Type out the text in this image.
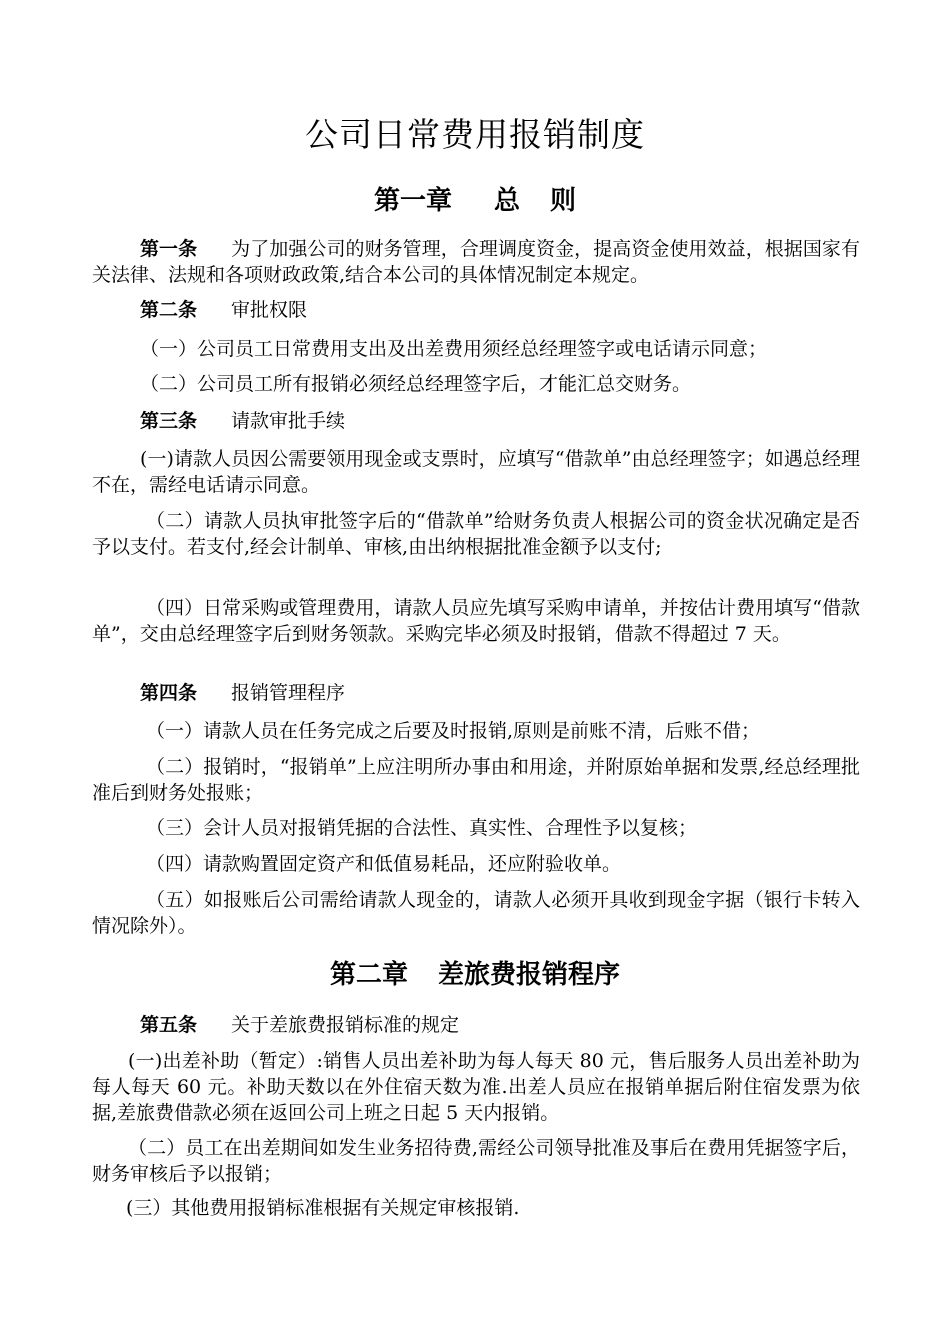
公司日常费用报销制度
第一章 总 则

第一条 为了加强公司的财务管理，合理调度资金，提高资金使用效益，根据国家有关法律、法规和各项财政政策,结合本公司的具体情况制定本规定。

第二条 审批权限

（一）公司员工日常费用支出及出差费用须经总经理签字或电话请示同意；

（二）公司员工所有报销必须经总经理签字后，才能汇总交财务。

第三条 请款审批手续

(一)请款人员因公需要领用现金或支票时，应填写“借款单”由总经理签字；如遇总经理不在，需经电话请示同意。

（二）请款人员执审批签字后的“借款单”给财务负责人根据公司的资金状况确定是否予以支付。若支付,经会计制单、审核,由出纳根据批准金额予以支付;

（四）日常采购或管理费用，请款人员应先填写采购申请单，并按估计费用填写“借款单”，交由总经理签字后到财务领款。采购完毕必须及时报销，借款不得超过 7 天。

第四条 报销管理程序

（一）请款人员在任务完成之后要及时报销,原则是前账不清，后账不借；

（二）报销时，“报销单”上应注明所办事由和用途，并附原始单据和发票,经总经理批准后到财务处报账；

（三）会计人员对报销凭据的合法性、真实性、合理性予以复核；

（四）请款购置固定资产和低值易耗品，还应附验收单。

（五）如报账后公司需给请款人现金的，请款人必须开具收到现金字据（银行卡转入情况除外）。

第二章 差旅费报销程序

第五条 关于差旅费报销标准的规定

(一)出差补助（暂定）:销售人员出差补助为每人每天 80 元，售后服务人员出差补助为每人每天 60 元。补助天数以在外住宿天数为准.出差人员应在报销单据后附住宿发票为依据,差旅费借款必须在返回公司上班之日起 5 天内报销。

（二）员工在出差期间如发生业务招待费,需经公司领导批准及事后在费用凭据签字后，财务审核后予以报销；

(三）其他费用报销标准根据有关规定审核报销.
